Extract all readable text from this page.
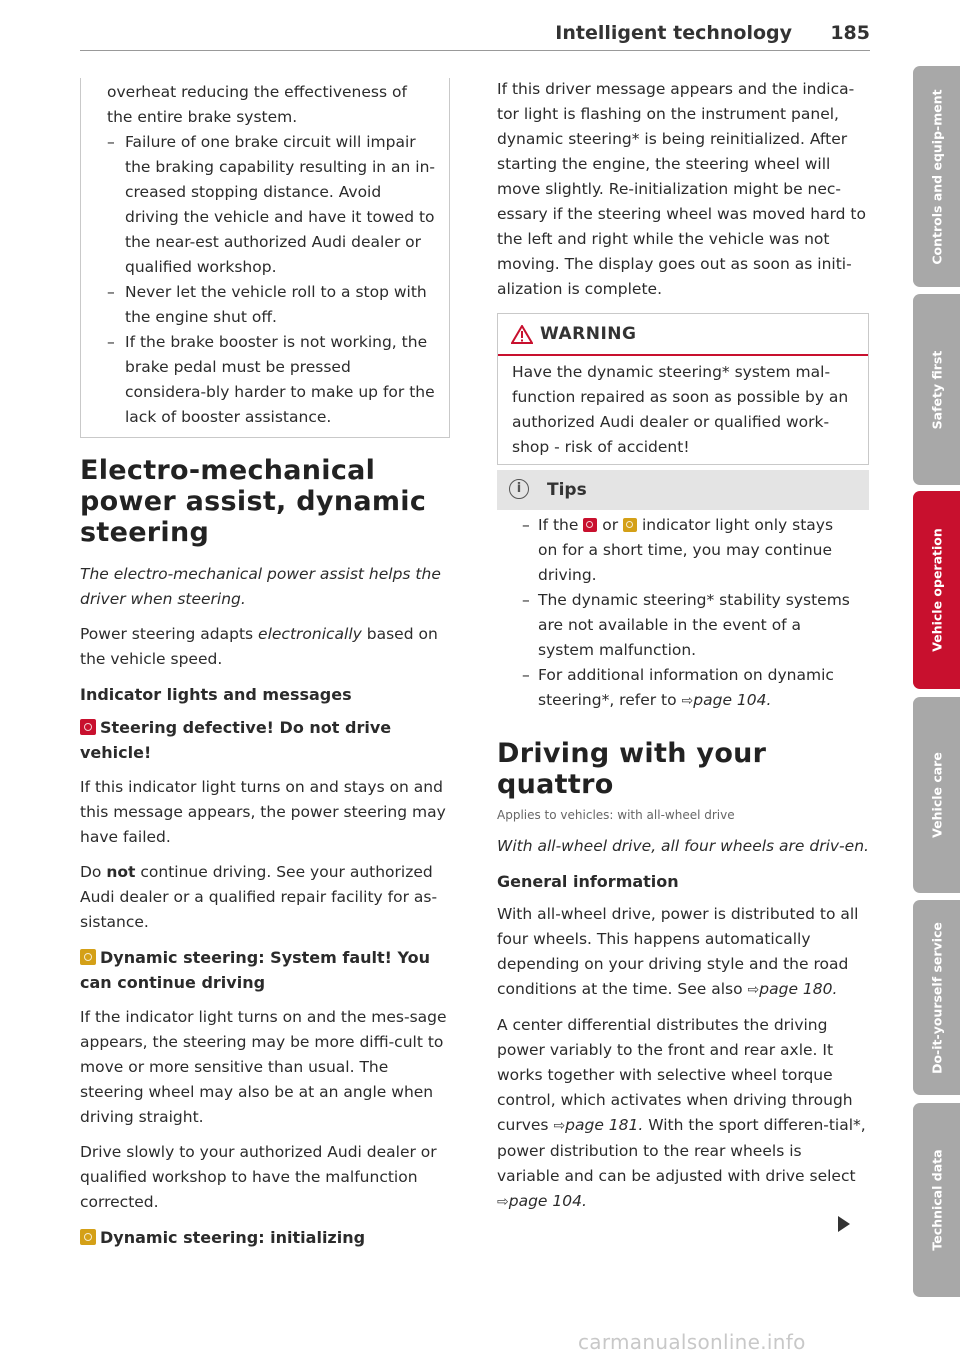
Intelligent technology 185

overheat reducing the effectiveness of the entire brake system.

– Failure of one brake circuit will impair the braking capability resulting in an in-creased stopping distance. Avoid driving the vehicle and have it towed to the near-est authorized Audi dealer or qualified workshop.
– Never let the vehicle roll to a stop with the engine shut off.
– If the brake booster is not working, the brake pedal must be pressed considera-bly harder to make up for the lack of booster assistance.
Electro-mechanical power assist, dynamic steering

The electro-mechanical power assist helps the driver when steering.

Power steering adapts electronically based on the vehicle speed.

Indicator lights and messages
Steering defective! Do not drive vehicle!

If this indicator light turns on and stays on and this message appears, the power steering may have failed.

Do not continue driving. See your authorized Audi dealer or a qualified repair facility for as-sistance.

Dynamic steering: System fault! You can continue driving

If the indicator light turns on and the mes-sage appears, the steering may be more diffi-cult to move or more sensitive than usual. The steering wheel may also be at an angle when driving straight.

Drive slowly to your authorized Audi dealer or qualified workshop to have the malfunction corrected.

Dynamic steering: initializing

If this driver message appears and the indica-tor light is flashing on the instrument panel, dynamic steering* is being reinitialized. After starting the engine, the steering wheel will move slightly. Re-initialization might be nec-essary if the steering wheel was moved hard to the left and right while the vehicle was not moving. The display goes out as soon as initi-alization is complete.

WARNING

Have the dynamic steering* system mal-function repaired as soon as possible by an authorized Audi dealer or qualified work-shop - risk of accident!

i	Tips
– If the  or  indicator light only stays on for a short time, you may continue driving.
– The dynamic steering* stability systems are not available in the event of a system malfunction.
– For additional information on dynamic steering*, refer to ⇨page 104.
Driving with your quattro
Applies to vehicles: with all-wheel drive

With all-wheel drive, all four wheels are driv-en.

General information

With all-wheel drive, power is distributed to all four wheels. This happens automatically depending on your driving style and the road conditions at the time. See also ⇨page 180.

A center differential distributes the driving power variably to the front and rear axle. It works together with selective wheel torque control, which activates when driving through curves ⇨page 181. With the sport differen-tial*, power distribution to the rear wheels is variable and can be adjusted with drive select ⇨page 104.

Controls and equip-ment
Safety first
Vehicle operation
Vehicle care
Do-it-yourself service
Technical data
carmanualsonline.info
